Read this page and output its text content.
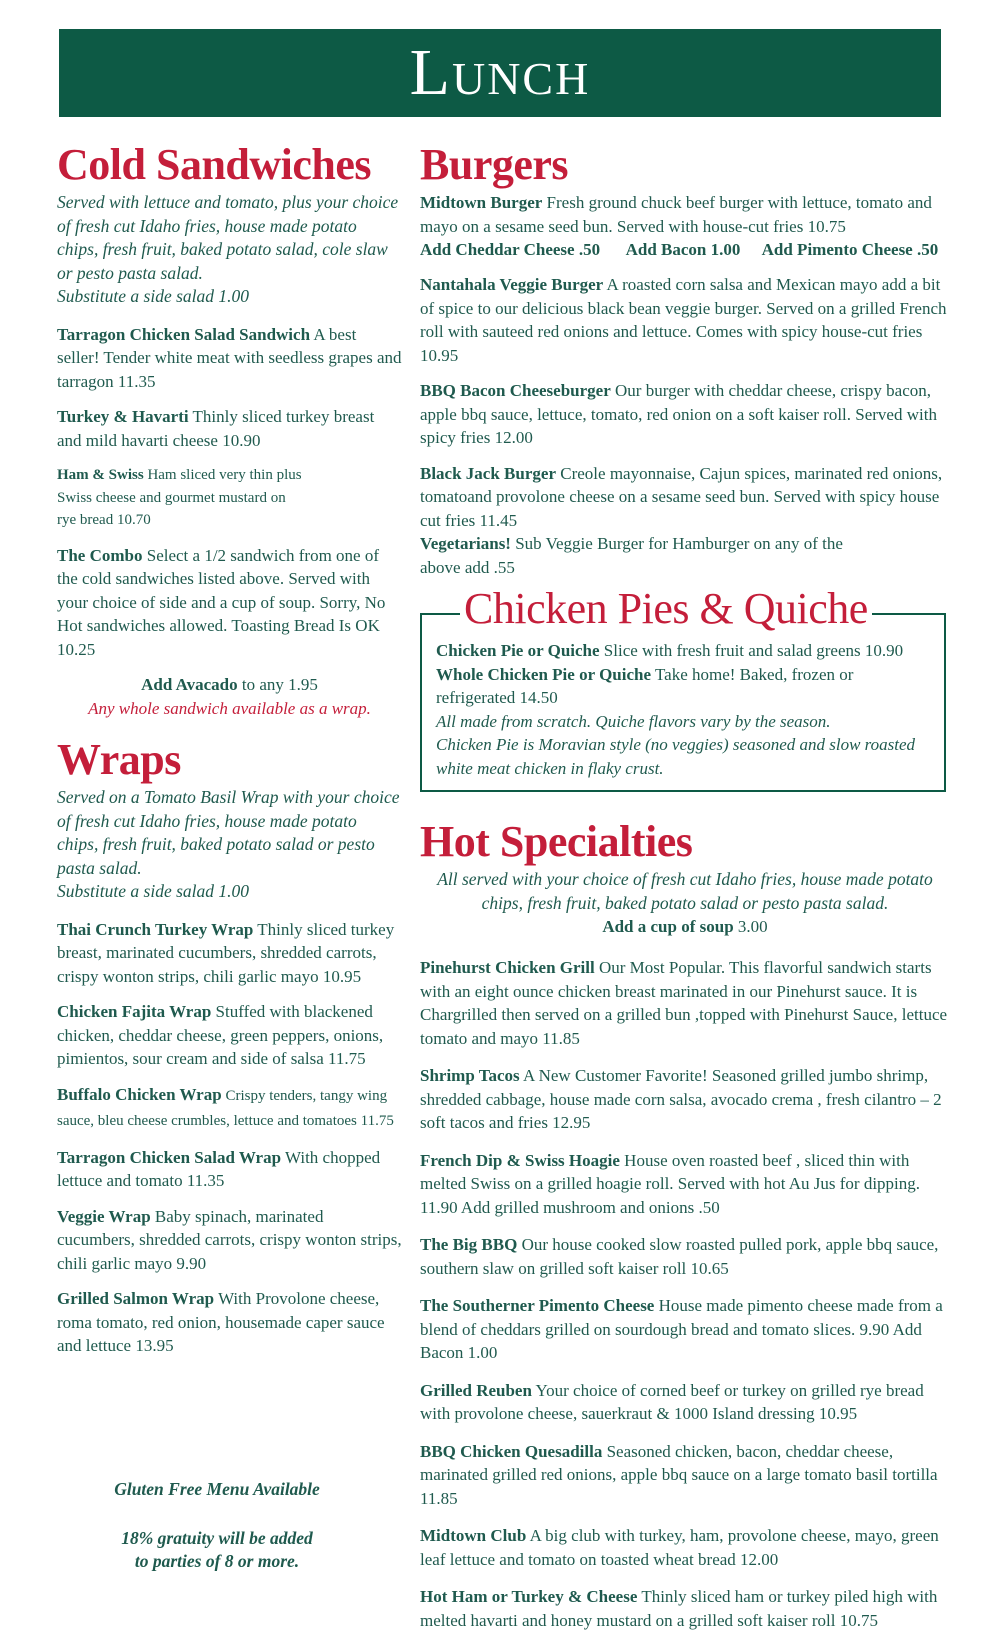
Lunch
Cold Sandwiches
Served with lettuce and tomato, plus your choice of fresh cut Idaho fries, house made potato chips, fresh fruit, baked potato salad, cole slaw or pesto pasta salad.
Substitute a side salad 1.00
Tarragon Chicken Salad Sandwich A best seller! Tender white meat with seedless grapes and tarragon 11.35
Turkey & Havarti Thinly sliced turkey breast and mild havarti cheese 10.90
Ham & Swiss Ham sliced very thin plus Swiss cheese and gourmet mustard on rye bread 10.70
The Combo Select a 1/2 sandwich from one of the cold sandwiches listed above. Served with your choice of side and a cup of soup. Sorry, No Hot sandwiches allowed. Toasting Bread Is OK 10.25
Add Avacado to any 1.95
Any whole sandwich available as a wrap.
Wraps
Served on a Tomato Basil Wrap with your choice of fresh cut Idaho fries, house made potato chips, fresh fruit, baked potato salad or pesto pasta salad.
Substitute a side salad 1.00
Thai Crunch Turkey Wrap Thinly sliced turkey breast, marinated cucumbers, shredded carrots, crispy wonton strips, chili garlic mayo 10.95
Chicken Fajita Wrap Stuffed with blackened chicken, cheddar cheese, green peppers, onions, pimientos, sour cream and side of salsa 11.75
Buffalo Chicken Wrap Crispy tenders, tangy wing sauce, bleu cheese crumbles, lettuce and tomatoes 11.75
Tarragon Chicken Salad Wrap With chopped lettuce and tomato 11.35
Veggie Wrap Baby spinach, marinated cucumbers, shredded carrots, crispy wonton strips, chili garlic mayo 9.90
Grilled Salmon Wrap With Provolone cheese, roma tomato, red onion, housemade caper sauce and lettuce 13.95
Gluten Free Menu Available
18% gratuity will be added
to parties of 8 or more.
Burgers
Midtown Burger Fresh ground chuck beef burger with lettuce, tomato and mayo on a sesame seed bun. Served with house-cut fries 10.75
Add Cheddar Cheese .50 Add Bacon 1.00 Add Pimento Cheese .50
Nantahala Veggie Burger A roasted corn salsa and Mexican mayo add a bit of spice to our delicious black bean veggie burger. Served on a grilled French roll with sauteed red onions and lettuce. Comes with spicy house-cut fries 10.95
BBQ Bacon Cheeseburger Our burger with cheddar cheese, crispy bacon, apple bbq sauce, lettuce, tomato, red onion on a soft kaiser roll. Served with spicy fries 12.00
Black Jack Burger Creole mayonnaise, Cajun spices, marinated red onions, tomatoand provolone cheese on a sesame seed bun. Served with spicy house cut fries 11.45
Vegetarians! Sub Veggie Burger for Hamburger on any of the above add .55
Chicken Pies & Quiche
Chicken Pie or Quiche Slice with fresh fruit and salad greens 10.90
Whole Chicken Pie or Quiche Take home! Baked, frozen or refrigerated 14.50
All made from scratch. Quiche flavors vary by the season.
Chicken Pie is Moravian style (no veggies) seasoned and slow roasted white meat chicken in flaky crust.
Hot Specialties
All served with your choice of fresh cut Idaho fries, house made potato chips, fresh fruit, baked potato salad or pesto pasta salad.
Add a cup of soup 3.00
Pinehurst Chicken Grill Our Most Popular. This flavorful sandwich starts with an eight ounce chicken breast marinated in our Pinehurst sauce. It is Chargrilled then served on a grilled bun ,topped with Pinehurst Sauce, lettuce tomato and mayo 11.85
Shrimp Tacos A New Customer Favorite! Seasoned grilled jumbo shrimp, shredded cabbage, house made corn salsa, avocado crema , fresh cilantro – 2 soft tacos and fries 12.95
French Dip & Swiss Hoagie House oven roasted beef , sliced thin with melted Swiss on a grilled hoagie roll. Served with hot Au Jus for dipping. 11.90 Add grilled mushroom and onions .50
The Big BBQ Our house cooked slow roasted pulled pork, apple bbq sauce, southern slaw on grilled soft kaiser roll 10.65
The Southerner Pimento Cheese House made pimento cheese made from a blend of cheddars grilled on sourdough bread and tomato slices. 9.90 Add Bacon 1.00
Grilled Reuben Your choice of corned beef or turkey on grilled rye bread with provolone cheese, sauerkraut & 1000 Island dressing 10.95
BBQ Chicken Quesadilla Seasoned chicken, bacon, cheddar cheese, marinated grilled red onions, apple bbq sauce on a large tomato basil tortilla 11.85
Midtown Club A big club with turkey, ham, provolone cheese, mayo, green leaf lettuce and tomato on toasted wheat bread 12.00
Hot Ham or Turkey & Cheese Thinly sliced ham or turkey piled high with melted havarti and honey mustard on a grilled soft kaiser roll 10.75
